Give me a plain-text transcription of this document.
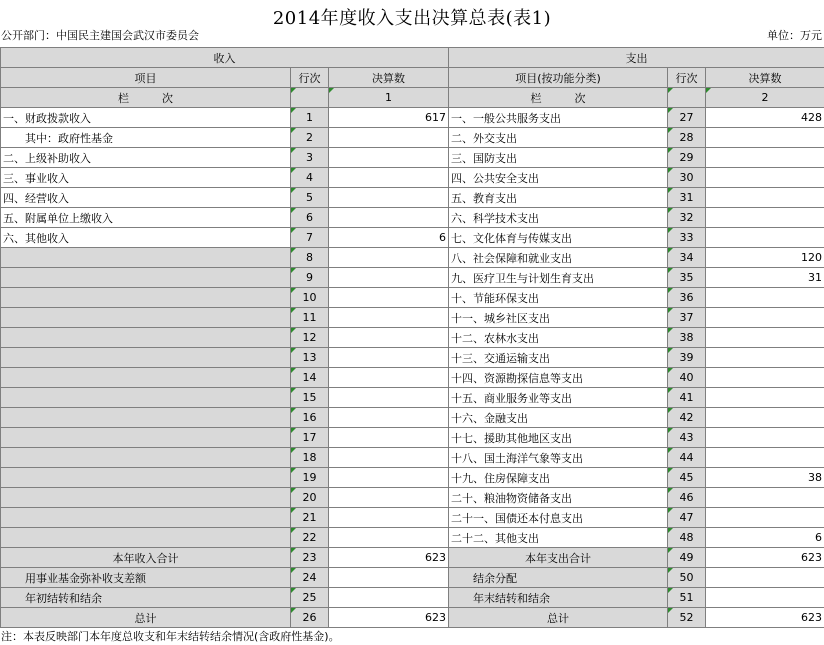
2014年度收入支出决算总表(表1)
公开部门：中国民主建国会武汉市委员会	单位：万元
收入			支出		
项目	行次	决算数	项目(按功能分类)	行次	决算数
栏　　　次		1	栏　　　次		2
一、财政拨款收入	1	617	一、一般公共服务支出	27	428
其中：政府性基金	2		二、外交支出	28	
二、上级补助收入	3		三、国防支出	29	
三、事业收入	4		四、公共安全支出	30	
四、经营收入	5		五、教育支出	31	
五、附属单位上缴收入	6		六、科学技术支出	32	
六、其他收入	7	6	七、文化体育与传媒支出	33	
	8		八、社会保障和就业支出	34	120
	9		九、医疗卫生与计划生育支出	35	31
	10		十、节能环保支出	36	
	11		十一、城乡社区支出	37	
	12		十二、农林水支出	38	
	13		十三、交通运输支出	39	
	14		十四、资源勘探信息等支出	40	
	15		十五、商业服务业等支出	41	
	16		十六、金融支出	42	
	17		十七、援助其他地区支出	43	
	18		十八、国土海洋气象等支出	44	
	19		十九、住房保障支出	45	38
	20		二十、粮油物资储备支出	46	
	21		二十一、国债还本付息支出	47	
	22		二十二、其他支出	48	6
本年收入合计	23	623	本年支出合计	49	623
用事业基金弥补收支差额	24		结余分配	50	
年初结转和结余	25		年末结转和结余	51	
总计	26	623	总计	52	623
注：本表反映部门本年度总收支和年末结转结余情况(含政府性基金)。
